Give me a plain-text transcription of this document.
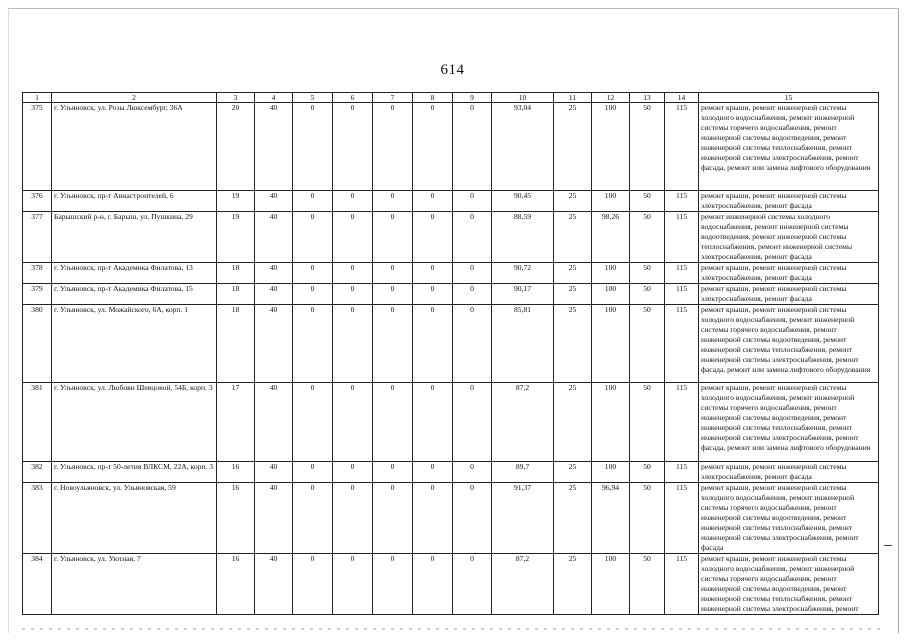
614
1	2	3	4	5	6	7	8	9	10	11	12	13	14	15
375	г. Ульяновск, ул. Розы Люксембург, 36А	20	40	0	0	0	0	0	93,04	25	100	50	115	ремонт крыши, ремонт инженерной системы холодного водоснабжения, ремонт инженерной системы горячего водоснабжения, ремонт инженерной системы водоотведения, ремонт инженерной системы теплоснабжения, ремонт инженерной системы электроснабжения, ремонт фасада, ремонт или замена лифтового оборудования
376	г. Ульяновск, пр-т Авиастроителей, 6	19	40	0	0	0	0	0	90,45	25	100	50	115	ремонт крыши, ремонт инженерной системы электроснабжения, ремонт фасада
377	Барышский р-н, г. Барыш, ул. Пушкина, 29	19	40	0	0	0	0	0	88,59	25	98,26	50	115	ремонт инженерной системы холодного водоснабжения, ремонт инженерной системы водоотведения, ремонт инженерной системы теплоснабжения, ремонт инженерной системы электроснабжения, ремонт фасада
378	г. Ульяновск, пр-т Академика Филатова, 13	18	40	0	0	0	0	0	90,72	25	100	50	115	ремонт крыши, ремонт инженерной системы электроснабжения, ремонт фасада
379	г. Ульяновск, пр-т Академика Филатова, 15	18	40	0	0	0	0	0	90,17	25	100	50	115	ремонт крыши, ремонт инженерной системы электроснабжения, ремонт фасада
380	г. Ульяновск, ул. Можайского, 6А, корп. 1	18	40	0	0	0	0	0	85,81	25	100	50	115	ремонт крыши, ремонт инженерной системы холодного водоснабжения, ремонт инженерной системы горячего водоснабжения, ремонт инженерной системы водоотведения, ремонт инженерной системы теплоснабжения, ремонт инженерной системы электроснабжения, ремонт фасада, ремонт или замена лифтового оборудования
381	г. Ульяновск, ул. Любови Шевцовой, 54Б, корп. 3	17	40	0	0	0	0	0	87,2	25	100	50	115	ремонт крыши, ремонт инженерной системы холодного водоснабжения, ремонт инженерной системы горячего водоснабжения, ремонт инженерной системы водоотведения, ремонт инженерной системы теплоснабжения, ремонт инженерной системы электроснабжения, ремонт фасада, ремонт или замена лифтового оборудования
382	г. Ульяновск, пр-т 50-летия ВЛКСМ, 22А, корп. 3	16	40	0	0	0	0	0	89,7	25	100	50	115	ремонт крыши, ремонт инженерной системы электроснабжения, ремонт фасада
383	г. Новоульяновск, ул. Ульяновская, 59	16	40	0	0	0	0	0	91,37	25	96,94	50	115	ремонт крыши, ремонт инженерной системы холодного водоснабжения, ремонт инженерной системы горячего водоснабжения, ремонт инженерной системы водоотведения, ремонт инженерной системы теплоснабжения, ремонт инженерной системы электроснабжения, ремонт фасада
384	г. Ульяновск, ул. Уютная, 7	16	40	0	0	0	0	0	87,2	25	100	50	115	ремонт крыши, ремонт инженерной системы холодного водоснабжения, ремонт инженерной системы горячего водоснабжения, ремонт инженерной системы водоотведения, ремонт инженерной системы теплоснабжения, ремонт инженерной системы электроснабжения, ремонт
